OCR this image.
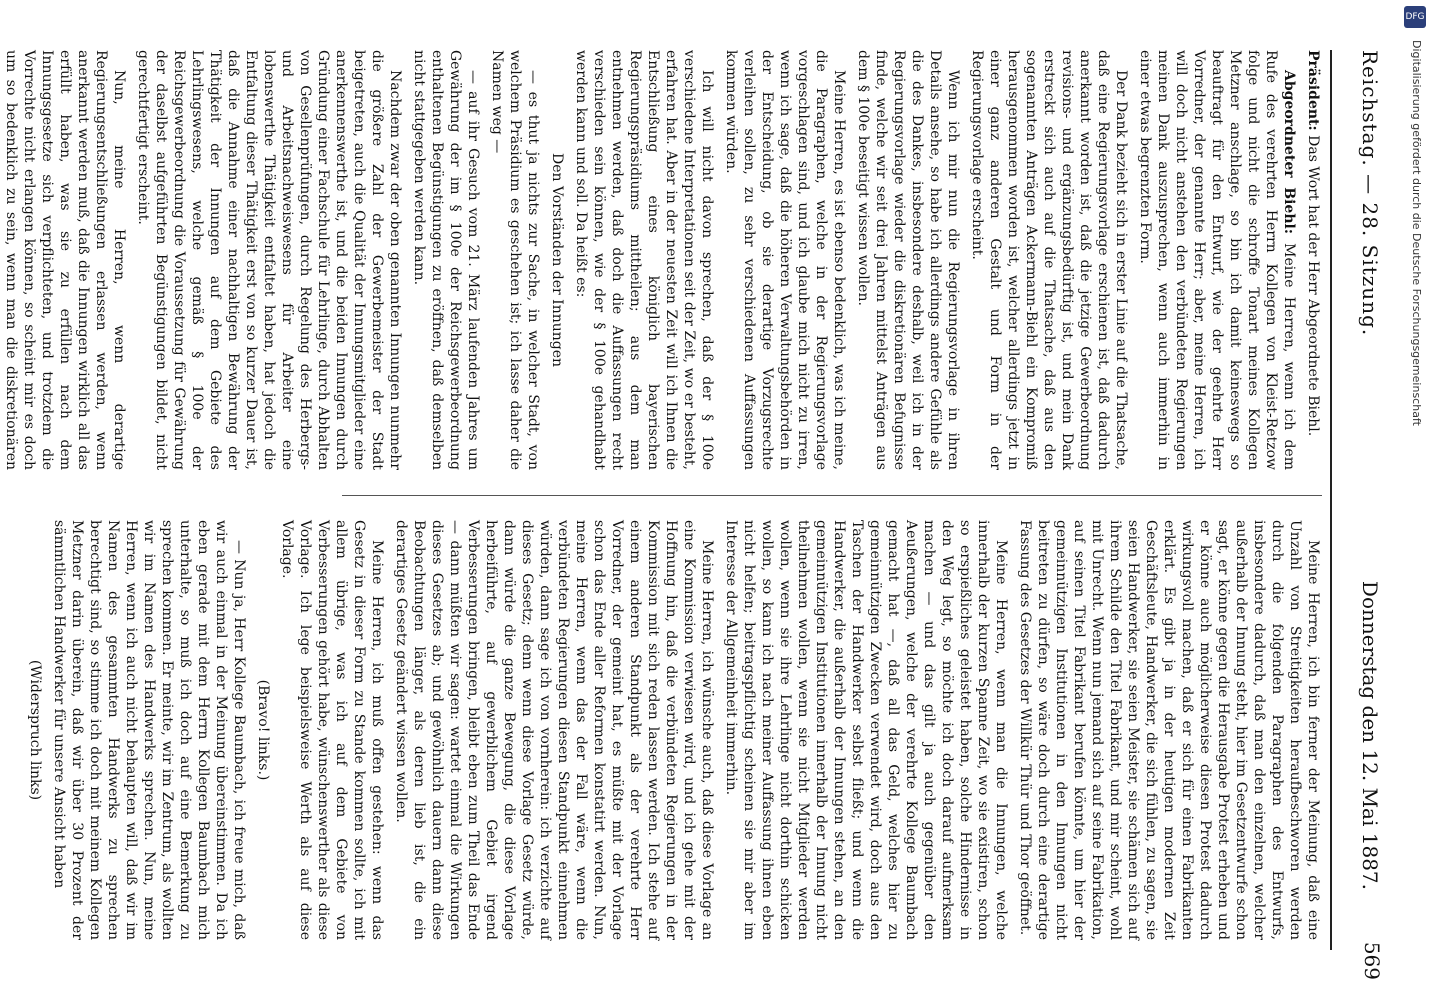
DFG
Digitalisierung gefördert durch die Deutsche Forschungsgemeinschaft
Reichstag. — 28. Sitzung.
Donnerstag den 12. Mai 1887.
569

Präsident: Das Wort hat der Herr Abgeordnete Biehl.

Abgeordneter Biehl: Meine Herren, wenn ich dem Rufe des verehrten Herrn Kollegen von Kleist-Retzow folge und nicht die schroffe Tonart meines Kollegen Metzner anschlage, so bin ich damit keineswegs so beauftragt für den Entwurf, wie der geehrte Herr Vorredner, der genannte Herr; aber, meine Herren, ich will doch nicht anstehen den verbündeten Regierungen meinen Dank auszusprechen, wenn auch immerhin in einer etwas begrenzten Form.

Der Dank bezieht sich in erster Linie auf die Thatsache, daß eine Regierungsvorlage erschienen ist, daß dadurch anerkannt worden ist, daß die jetzige Gewerbeordnung revisions- und ergänzungsbedürftig ist, und mein Dank erstreckt sich auch auf die Thatsache, daß aus den sogenannten Anträgen Ackermann-Biehl ein Kompromiß herausgenommen worden ist, welcher allerdings jetzt in einer ganz anderen Gestalt und Form in der Regierungsvorlage erscheint.

Wenn ich mir nun die Regierungsvorlage in ihren Details ansehe, so habe ich allerdings andere Gefühle als die des Dankes, insbesondere deshalb, weil ich in der Regierungsvorlage wieder die diskretionären Befugnisse finde, welche wir seit drei Jahren mittelst Anträgen aus dem § 100e beseitigt wissen wollen.

Meine Herren, es ist ebenso bedenklich, was ich meine, die Paragraphen, welche in der Regierungsvorlage vorgeschlagen sind, und ich glaube mich nicht zu irren, wenn ich sage, daß die höheren Verwaltungsbehörden in der Entscheidung, ob sie derartige Vorzugsrechte verleihen sollen, zu sehr verschiedenen Auffassungen kommen würden.

Ich will nicht davon sprechen, daß der § 100e verschiedene Interpretationen seit der Zeit, wo er besteht, erfahren hat. Aber in der neuesten Zeit will ich Ihnen die Entschließung eines königlich bayerischen Regierungspräsidiums mittheilen; aus dem man entnehmen werden, daß doch die Auffassungen recht verschieden sein können, wie der § 100e gehandhabt werden kann und soll. Da heißt es:

Den Vorständen der Innungen

— es thut ja nichts zur Sache, in welcher Stadt, von welchem Präsidium es geschehen ist; ich lasse daher die Namen weg —

— auf ihr Gesuch vom 21. März laufenden Jahres um Gewährung der im § 100e der Reichsgewerbeordnung enthaltenen Begünstigungen zu eröffnen, daß demselben nicht stattgegeben werden kann.

Nachdem zwar der oben genannten Innungen nunmehr die größere Zahl der Gewerbemeister der Stadt beigetreten, auch die Qualität der Innungsmitglieder eine anerkennenswerthe ist, und die beiden Innungen durch Gründung einer Fachschule für Lehrlinge, durch Abhalten von Gesellenprüfungen, durch Regelung des Herbergs- und Arbeitsnachweiswesens für Arbeiter eine lobenswerthe Thätigkeit entfaltet haben, hat jedoch die Entfaltung dieser Thätigkeit erst von so kurzer Dauer ist, daß die Annahme einer nachhaltigen Bewährung der Thätigkeit der Innungen auf dem Gebiete des Lehrlingswesens, welche gemäß § 100e der Reichsgewerbeordnung die Voraussetzung für Gewährung der daselbst aufgeführten Begünstigungen bildet, nicht gerechtfertigt erscheint.

Nun, meine Herren, wenn derartige Regierungsentschließungen erlassen werden, wenn anerkannt werden muß, daß die Innungen wirklich all das erfüllt haben, was sie zu erfüllen nach dem Innungsgesetze sich verpflichteten, und trotzdem die Vorrechte nicht erlangen können, so scheint mir es doch um so bedenklich zu sein, wenn man die diskretionären

Meine Herren, ich bin ferner der Meinung, daß eine Unzahl von Streitigkeiten heraufbeschworen werden durch die folgenden Paragraphen des Entwurfs, insbesondere dadurch, daß man den einzelnen, welcher außerhalb der Innung steht, hier im Gesetzentwurfe schon sagt, er könne gegen die Herausgabe Protest erheben und er könne auch möglicherweise diesen Protest dadurch wirkungsvoll machen, daß er sich für einen Fabrikanten erklärt. Es gibt ja in der heutigen modernen Zeit Geschäftsleute, Handwerker, die sich fühlen, zu sagen, sie seien Handwerker, sie seien Meister, sie schämen sich auf ihrem Schilde den Titel Fabrikant, und mir scheint, wohl mit Unrecht. Wenn nun jemand sich auf seine Fabrikation, auf seinen Titel Fabrikant berufen könnte, um hier der gemeinnützigen Institutionen in den Innungen nicht beitreten zu dürfen, so wäre doch durch eine derartige Fassung des Gesetzes der Willkür Thür und Thor geöffnet.

Meine Herren, wenn man die Innungen, welche innerhalb der kurzen Spanne Zeit, wo sie existiren, schon so erspießliches geleistet haben, solche Hindernisse in den Weg legt, so möchte ich doch darauf aufmerksam machen — und das gilt ja auch gegenüber den Aeußerungen, welche der verehrte Kollege Baumbach gemacht hat —, daß all das Geld, welches hier zu gemeinnützigen Zwecken verwendet wird, doch aus den Taschen der Handwerker selbst fließt; und wenn die Handwerker, die außerhalb der Innungen stehen, an den gemeinnützigen Institutionen innerhalb der Innung nicht theilnehmen wollen, wenn sie nicht Mitglieder werden wollen, wenn sie ihre Lehrlinge nicht dorthin schicken wollen, so kann ich nach meiner Auffassung ihnen eben nicht helfen; beitragspflichtig scheinen sie mir aber im Interesse der Allgemeinheit immerhin.

Meine Herren, ich wünsche auch, daß diese Vorlage an eine Kommission verwiesen wird, und ich gehe mit der Hoffnung hin, daß die verbündeten Regierungen in der Kommission mit sich reden lassen werden. Ich stehe auf einem anderen Standpunkt als der verehrte Herr Vorredner, der gemeint hat, es müßte mit der Vorlage schon das Ende aller Reformen konstatirt werden. Nun, meine Herren, wenn das der Fall wäre, wenn die verbündeten Regierungen diesen Standpunkt einnehmen würden, dann sage ich von vornherein: ich verzichte auf dieses Gesetz; denn wenn diese Vorlage Gesetz würde, dann würde die ganze Bewegung, die diese Vorlage herbeiführte, auf gewerblichem Gebiet irgend Verbesserungen bringen, bleibt eben zum Theil das Ende — dann müßten wir sagen: wartet einmal die Wirkungen dieses Gesetzes ab; und gewöhnlich dauern dann diese Beobachtungen länger, als deren lieb ist, die ein derartiges Gesetz geändert wissen wollen.

Meine Herren, ich muß offen gestehen: wenn das Gesetz in dieser Form zu Stande kommen sollte, ich mit allem übrige, was ich auf dem Gebiete von Verbesserungen gehört habe, wünschenswerther als diese Vorlage. Ich lege beispielsweise Werth als auf diese Vorlage.

(Bravo! links.)

— Nun ja, Herr Kollege Baumbach, ich freue mich, daß wir auch einmal in der Meinung übereinstimmen. Da ich eben gerade mit dem Herrn Kollegen Baumbach mich unterhalte, so muß ich doch auf eine Bemerkung zu sprechen kommen. Er meinte, wir im Zentrum, als wollten wir im Namen des Handwerks sprechen. Nun, meine Herren, wenn ich auch nicht behaupten will, daß wir im Namen des gesammten Handwerks zu sprechen berechtigt sind, so stimme ich doch mit meinem Kollegen Metzner darin überein, daß wir über 30 Prozent der sämmtlichen Handwerker für unsere Ansicht haben

(Widerspruch links)
